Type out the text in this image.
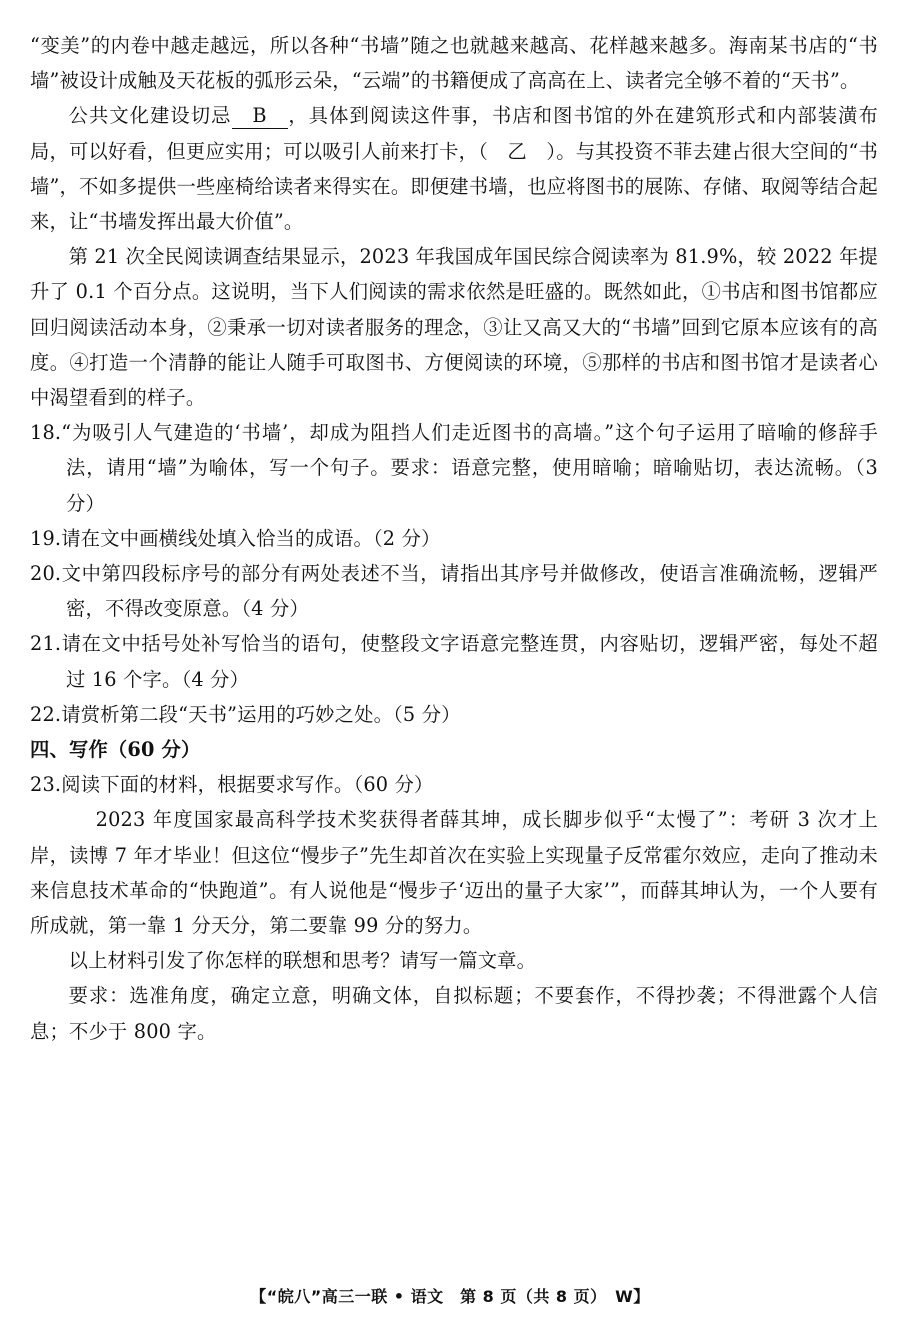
“变美”的内卷中越走越远，所以各种“书墙”随之也就越来越高、花样越来越多。海南某书店的“书墙”被设计成触及天花板的弧形云朵，“云端”的书籍便成了高高在上、读者完全够不着的“天书”。

公共文化建设切忌 B ，具体到阅读这件事，书店和图书馆的外在建筑形式和内部装潢布局，可以好看，但更应实用；可以吸引人前来打卡，（　乙　）。与其投资不菲去建占很大空间的“书墙”，不如多提供一些座椅给读者来得实在。即便建书墙，也应将图书的展陈、存储、取阅等结合起来，让“书墙发挥出最大价值”。

第 21 次全民阅读调查结果显示，2023 年我国成年国民综合阅读率为 81.9%，较 2022 年提升了 0.1 个百分点。这说明，当下人们阅读的需求依然是旺盛的。既然如此，①书店和图书馆都应回归阅读活动本身，②秉承一切对读者服务的理念，③让又高又大的“书墙”回到它原本应该有的高度。④打造一个清静的能让人随手可取图书、方便阅读的环境，⑤那样的书店和图书馆才是读者心中渴望看到的样子。

18.“为吸引人气建造的‘书墙’，却成为阻挡人们走近图书的高墙。”这个句子运用了暗喻的修辞手法，请用“墙”为喻体，写一个句子。要求：语意完整，使用暗喻；暗喻贴切，表达流畅。（3 分）

19.请在文中画横线处填入恰当的成语。（2 分）

20.文中第四段标序号的部分有两处表述不当，请指出其序号并做修改，使语言准确流畅，逻辑严密，不得改变原意。（4 分）

21.请在文中括号处补写恰当的语句，使整段文字语意完整连贯，内容贴切，逻辑严密，每处不超过 16 个字。（4 分）

22.请赏析第二段“天书”运用的巧妙之处。（5 分）

四、写作（60 分）

23.阅读下面的材料，根据要求写作。（60 分）

2023 年度国家最高科学技术奖获得者薛其坤，成长脚步似乎“太慢了”：考研 3 次才上岸，读博 7 年才毕业！但这位“慢步子”先生却首次在实验上实现量子反常霍尔效应，走向了推动未来信息技术革命的“快跑道”。有人说他是“慢步子‘迈出的量子大家’”，而薛其坤认为，一个人要有所成就，第一靠 1 分天分，第二要靠 99 分的努力。

以上材料引发了你怎样的联想和思考？请写一篇文章。

要求：选准角度，确定立意，明确文体，自拟标题；不要套作，不得抄袭；不得泄露个人信息；不少于 800 字。

【“皖八”高三一联 • 语文　第 8 页（共 8 页）　W】
